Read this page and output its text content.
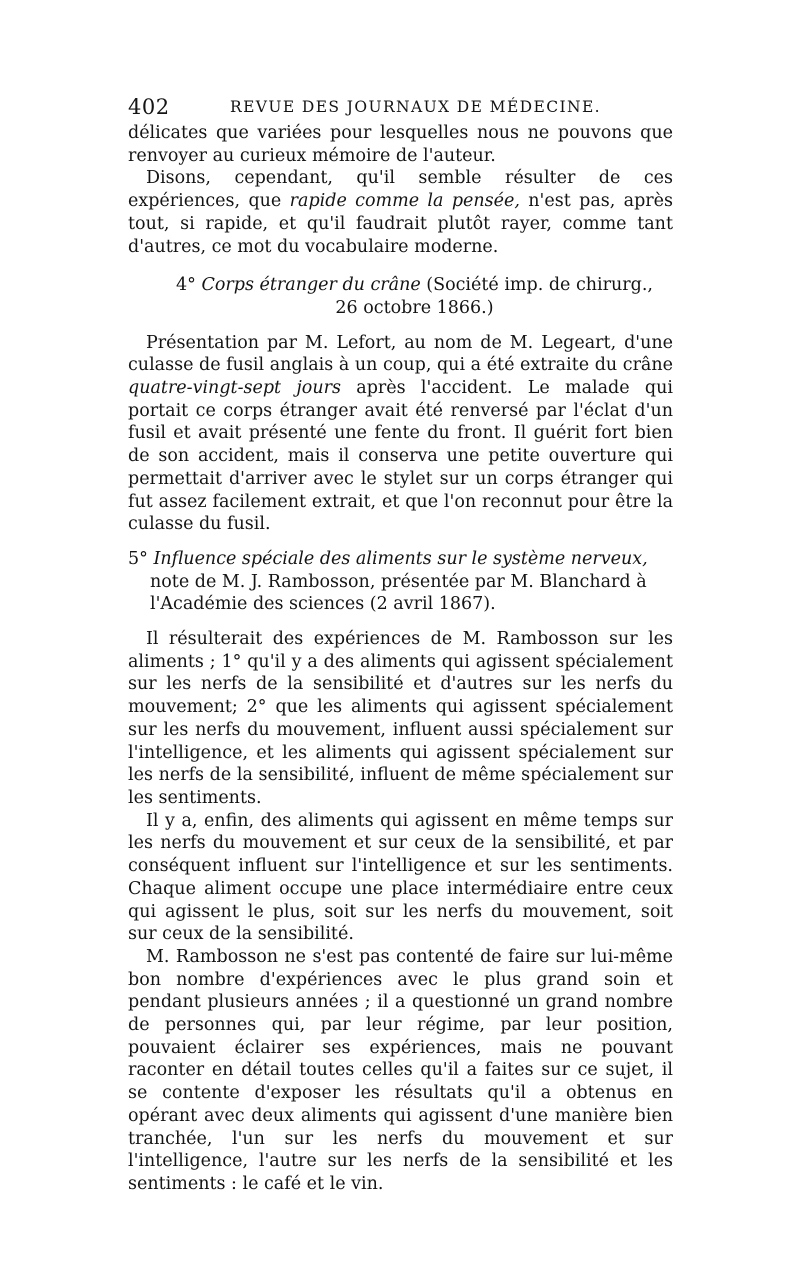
402	REVUE DES JOURNAUX DE MÉDECINE.

délicates que variées pour lesquelles nous ne pouvons que renvoyer au curieux mémoire de l'auteur.

Disons, cependant, qu'il semble résulter de ces expériences, que rapide comme la pensée, n'est pas, après tout, si rapide, et qu'il faudrait plutôt rayer, comme tant d'autres, ce mot du vocabulaire moderne.

4° Corps étranger du crâne (Société imp. de chirurg.,
26 octobre 1866.)

Présentation par M. Lefort, au nom de M. Legeart, d'une culasse de fusil anglais à un coup, qui a été extraite du crâne quatre-vingt-sept jours après l'accident. Le malade qui portait ce corps étranger avait été renversé par l'éclat d'un fusil et avait présenté une fente du front. Il guérit fort bien de son accident, mais il conserva une petite ouverture qui permettait d'arriver avec le stylet sur un corps étranger qui fut assez facilement extrait, et que l'on reconnut pour être la culasse du fusil.

5° Influence spéciale des aliments sur le système nerveux, note de M. J. Rambosson, présentée par M. Blanchard à l'Académie des sciences (2 avril 1867).

Il résulterait des expériences de M. Rambosson sur les aliments ; 1° qu'il y a des aliments qui agissent spécialement sur les nerfs de la sensibilité et d'autres sur les nerfs du mouvement; 2° que les aliments qui agissent spécialement sur les nerfs du mouvement, influent aussi spécialement sur l'intelligence, et les aliments qui agissent spécialement sur les nerfs de la sensibilité, influent de même spécialement sur les sentiments.

Il y a, enfin, des aliments qui agissent en même temps sur les nerfs du mouvement et sur ceux de la sensibilité, et par conséquent influent sur l'intelligence et sur les sentiments. Chaque aliment occupe une place intermédiaire entre ceux qui agissent le plus, soit sur les nerfs du mouvement, soit sur ceux de la sensibilité.

M. Rambosson ne s'est pas contenté de faire sur lui-même bon nombre d'expériences avec le plus grand soin et pendant plusieurs années ; il a questionné un grand nombre de personnes qui, par leur régime, par leur position, pouvaient éclairer ses expériences, mais ne pouvant raconter en détail toutes celles qu'il a faites sur ce sujet, il se contente d'exposer les résultats qu'il a obtenus en opérant avec deux aliments qui agissent d'une manière bien tranchée, l'un sur les nerfs du mouvement et sur l'intelligence, l'autre sur les nerfs de la sensibilité et les sentiments : le café et le vin.
